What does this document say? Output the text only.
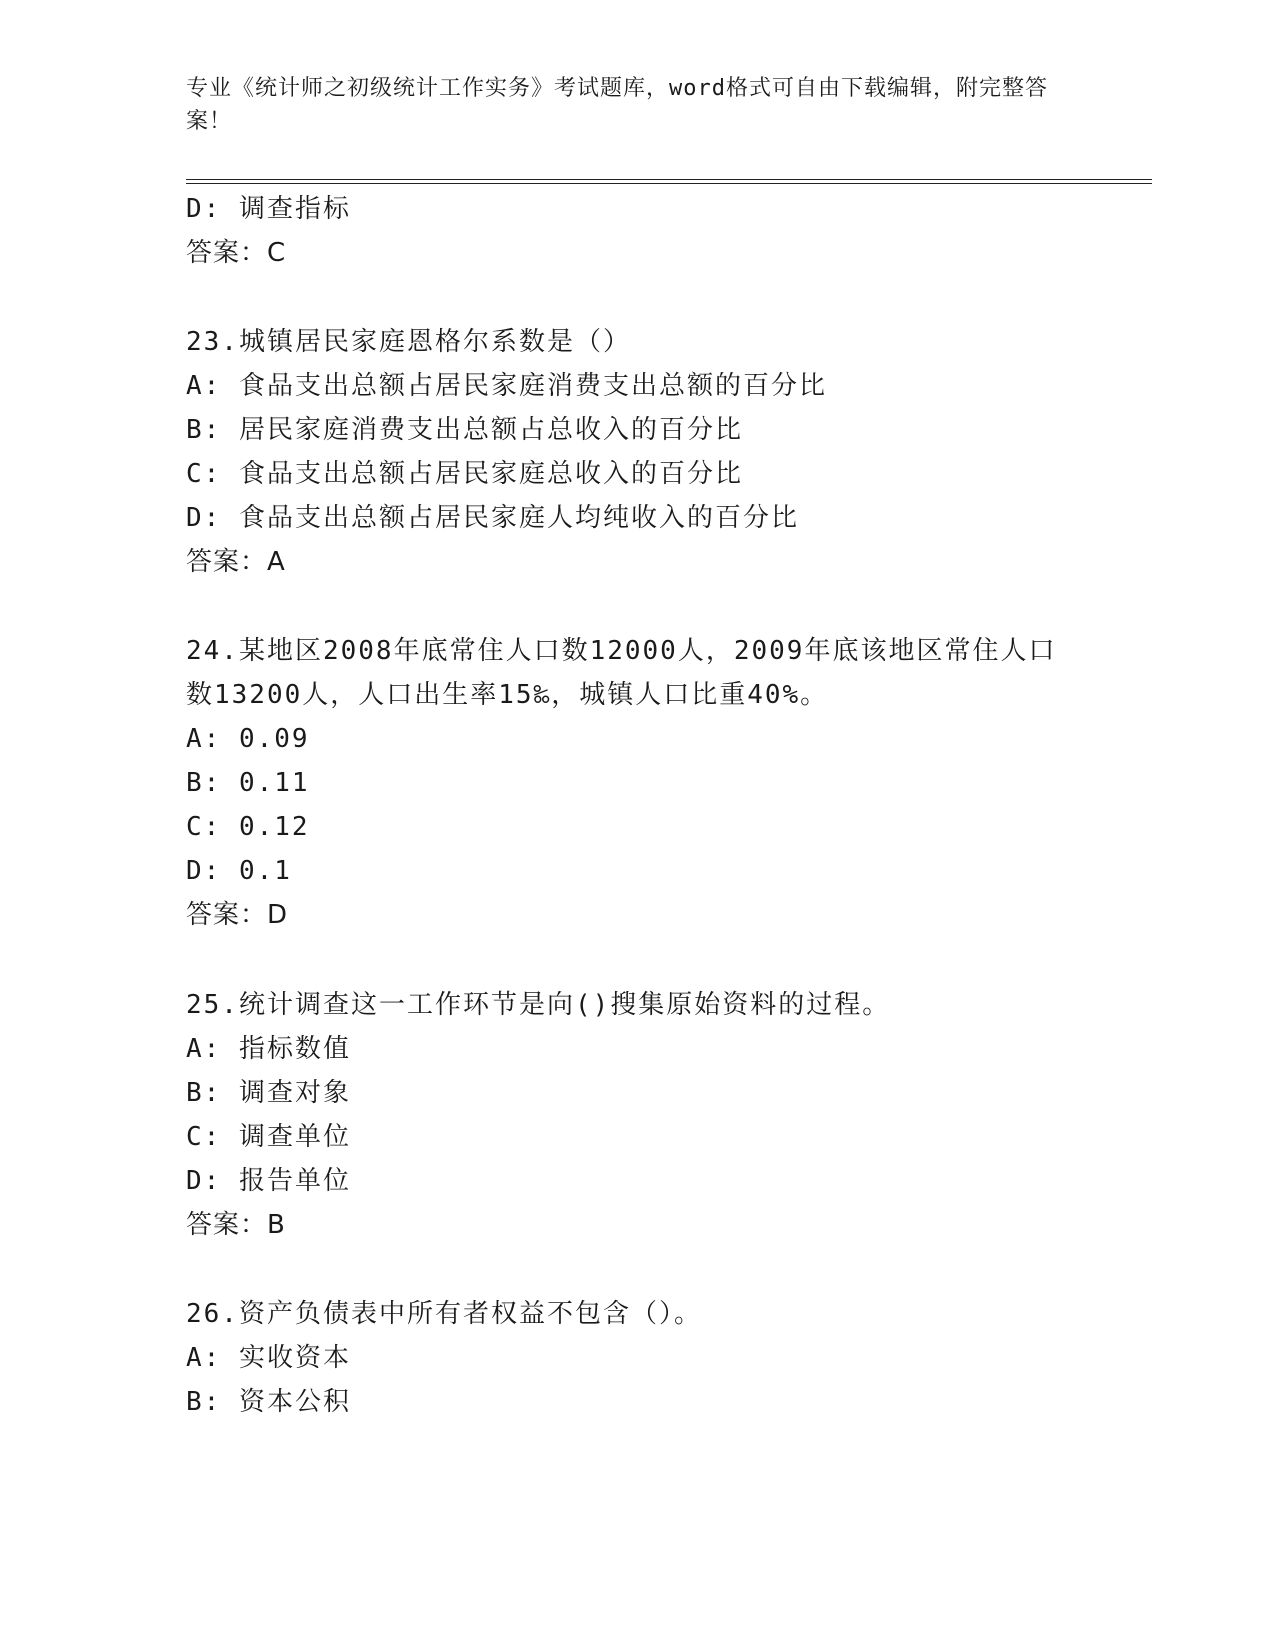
专业《统计师之初级统计工作实务》考试题库，word格式可自由下载编辑，附完整答案！
D: 调查指标
答案：C
23.城镇居民家庭恩格尔系数是（）
A: 食品支出总额占居民家庭消费支出总额的百分比
B: 居民家庭消费支出总额占总收入的百分比
C: 食品支出总额占居民家庭总收入的百分比
D: 食品支出总额占居民家庭人均纯收入的百分比
答案：A
24.某地区2008年底常住人口数12000人，2009年底该地区常住人口
数13200人，人口出生率15‰，城镇人口比重40%。
A: 0.09
B: 0.11
C: 0.12
D: 0.1
答案：D
25.统计调查这一工作环节是向()搜集原始资料的过程。
A: 指标数值
B: 调查对象
C: 调查单位
D: 报告单位
答案：B
26.资产负债表中所有者权益不包含（）。
A: 实收资本
B: 资本公积
